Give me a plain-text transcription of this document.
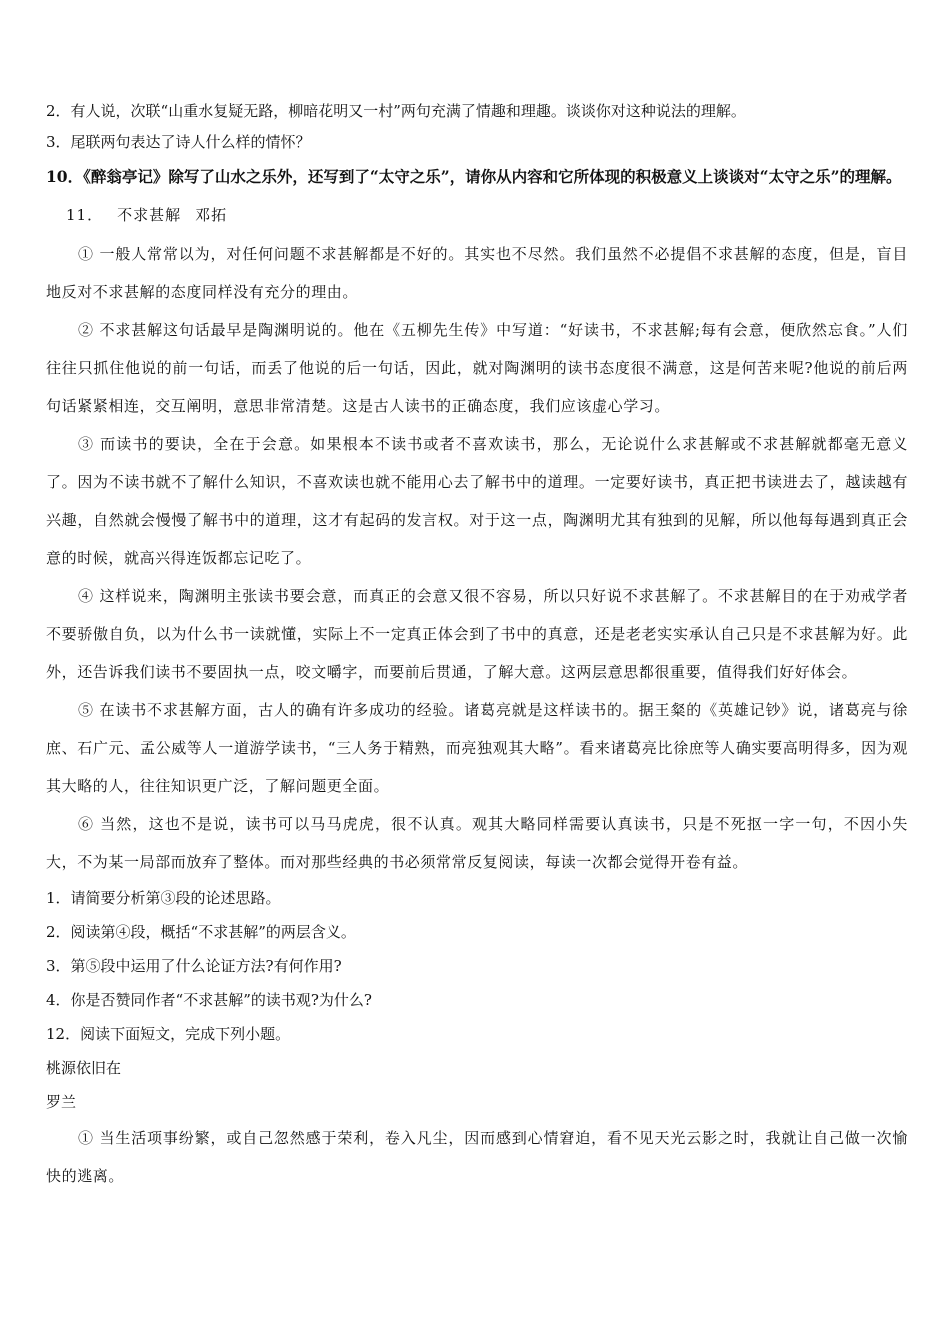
2．有人说，次联“山重水复疑无路，柳暗花明又一村”两句充满了情趣和理趣。谈谈你对这种说法的理解。

3．尾联两句表达了诗人什么样的情怀？

10．《醉翁亭记》除写了山水之乐外，还写到了“太守之乐”，请你从内容和它所体现的积极意义上谈谈对“太守之乐”的理解。

11． 不求甚解 邓拓

① 一般人常常以为，对任何问题不求甚解都是不好的。其实也不尽然。我们虽然不必提倡不求甚解的态度，但是，盲目地反对不求甚解的态度同样没有充分的理由。

② 不求甚解这句话最早是陶渊明说的。他在《五柳先生传》中写道：“好读书，不求甚解;每有会意，便欣然忘食。”人们往往只抓住他说的前一句话，而丢了他说的后一句话，因此，就对陶渊明的读书态度很不满意，这是何苦来呢?他说的前后两句话紧紧相连，交互阐明，意思非常清楚。这是古人读书的正确态度，我们应该虚心学习。

③ 而读书的要诀，全在于会意。如果根本不读书或者不喜欢读书，那么，无论说什么求甚解或不求甚解就都毫无意义了。因为不读书就不了解什么知识，不喜欢读也就不能用心去了解书中的道理。一定要好读书，真正把书读进去了，越读越有兴趣，自然就会慢慢了解书中的道理，这才有起码的发言权。对于这一点，陶渊明尤其有独到的见解，所以他每每遇到真正会意的时候，就高兴得连饭都忘记吃了。

④ 这样说来，陶渊明主张读书要会意，而真正的会意又很不容易，所以只好说不求甚解了。不求甚解目的在于劝戒学者不要骄傲自负，以为什么书一读就懂，实际上不一定真正体会到了书中的真意，还是老老实实承认自己只是不求甚解为好。此外，还告诉我们读书不要固执一点，咬文嚼字，而要前后贯通，了解大意。这两层意思都很重要，值得我们好好体会。

⑤ 在读书不求甚解方面，古人的确有许多成功的经验。诸葛亮就是这样读书的。据王粲的《英雄记钞》说，诸葛亮与徐庶、石广元、孟公威等人一道游学读书，“三人务于精熟，而亮独观其大略”。看来诸葛亮比徐庶等人确实要高明得多，因为观其大略的人，往往知识更广泛，了解问题更全面。

⑥ 当然，这也不是说，读书可以马马虎虎，很不认真。观其大略同样需要认真读书，只是不死抠一字一句，不因小失大，不为某一局部而放弃了整体。而对那些经典的书必须常常反复阅读，每读一次都会觉得开卷有益。

1．请简要分析第③段的论述思路。

2．阅读第④段，概括“不求甚解”的两层含义。

3．第⑤段中运用了什么论证方法?有何作用?

4．你是否赞同作者“不求甚解”的读书观?为什么?

12．阅读下面短文，完成下列小题。

桃源依旧在

罗兰

① 当生活项事纷繁，或自己忽然感于荣利，卷入凡尘，因而感到心情窘迫，看不见天光云影之时，我就让自己做一次愉快的逃离。
